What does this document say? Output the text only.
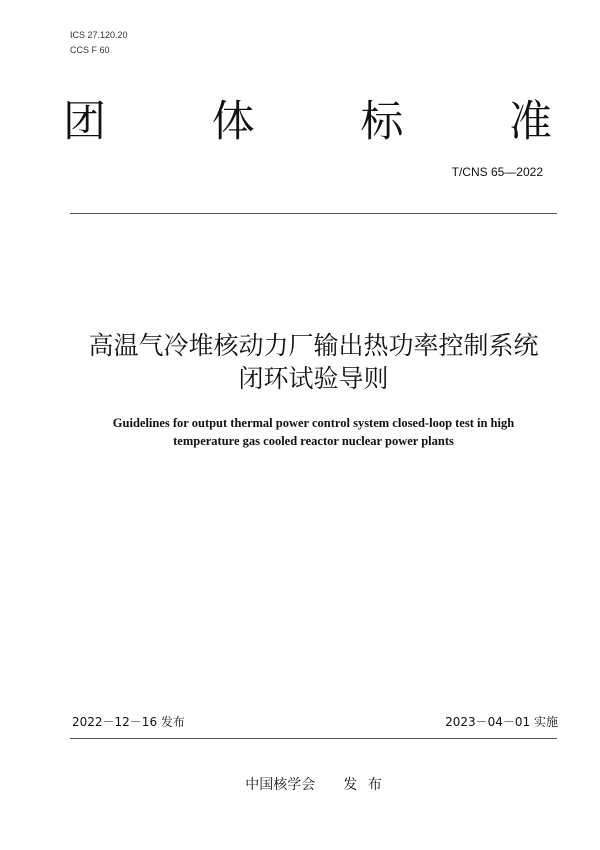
ICS 27.120.20
CCS F 60
团 体 标 准
T/CNS 65—2022
高温气冷堆核动力厂输出热功率控制系统
闭环试验导则
Guidelines for output thermal power control system closed-loop test in high
temperature gas cooled reactor nuclear power plants
2022－12－16 发布	2023－04－01 实施
中国核学会 发 布
